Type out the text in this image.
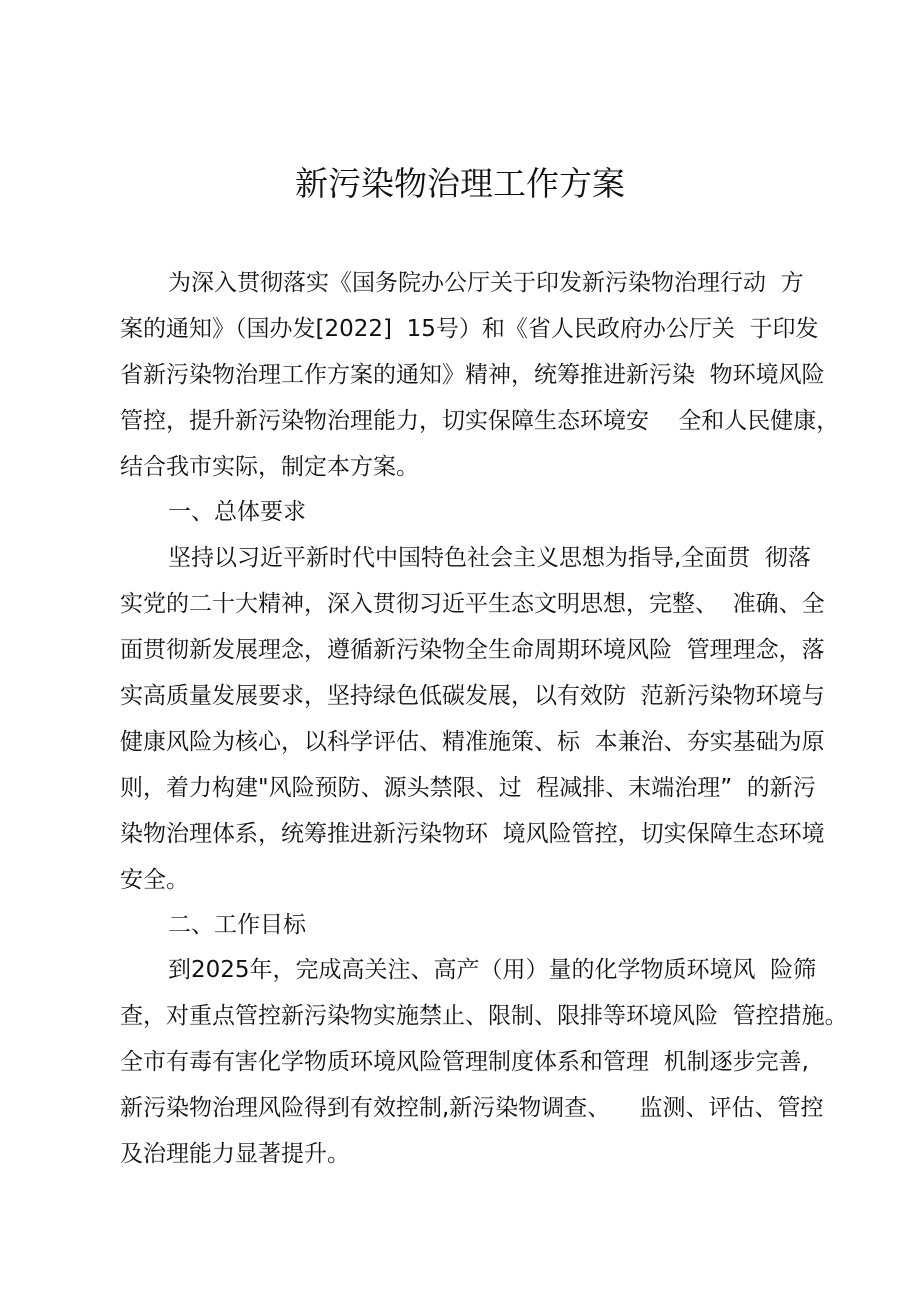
新污染物治理工作方案
为深入贯彻落实《国务院办公厅关于印发新污染物治理行动  方
案的通知》（国办发[2022]  15号）和《省人民政府办公厅关  于印发
省新污染物治理工作方案的通知》精神，统筹推进新污染  物环境风险
管控，提升新污染物治理能力，切实保障生态环境安    全和人民健康，
结合我市实际，制定本方案。
一、总体要求
坚持以习近平新时代中国特色社会主义思想为指导,全面贯  彻落
实党的二十大精神，深入贯彻习近平生态文明思想，完整、  准确、全
面贯彻新发展理念，遵循新污染物全生命周期环境风险  管理理念，落
实高质量发展要求，坚持绿色低碳发展，以有效防  范新污染物环境与
健康风险为核心，以科学评估、精准施策、标  本兼治、夯实基础为原
则，着力构建"风险预防、源头禁限、过  程减排、末端治理”  的新污
染物治理体系，统筹推进新污染物环  境风险管控，切实保障生态环境
安全。
二、工作目标
到2025年，完成高关注、高产（用）量的化学物质环境风  险筛
查，对重点管控新污染物实施禁止、限制、限排等环境风险  管控措施。
全市有毒有害化学物质环境风险管理制度体系和管理  机制逐步完善,
新污染物治理风险得到有效控制,新污染物调查、    监测、评估、管控
及治理能力显著提升。
